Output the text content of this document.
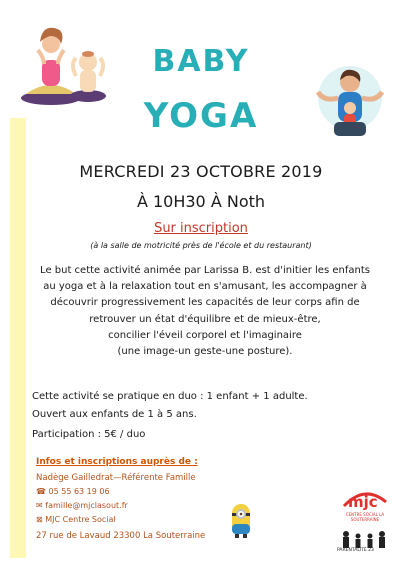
BABY
YOGA
MERCREDI 23 OCTOBRE 2019
À 10H30 À Noth
Sur inscription
(à la salle de motricité près de l'école et du restaurant)
Le but cette activité animée par Larissa B. est d'initier les enfants
au yoga et à la relaxation tout en s'amusant, les accompagner à
découvrir progressivement les capacités de leur corps afin de
retrouver un état d'équilibre et de mieux-être,
concilier l'éveil corporel et l'imaginaire
(une image-un geste-une posture).
Cette activité se pratique en duo : 1 enfant + 1 adulte.
Ouvert aux enfants de 1 à 5 ans.
Participation : 5€ / duo
Infos et inscriptions auprès de :
Nadège Gailledrat—Référente Famille
☎ 05 55 63 19 06
✉ famille@mjclasout.fr
⊠ MJC Centre Social
27 rue de Lavaud 23300 La Souterraine
mjc
CENTRE SOCIAL LA SOUTERRAINE
PARENTALITÉ 23
